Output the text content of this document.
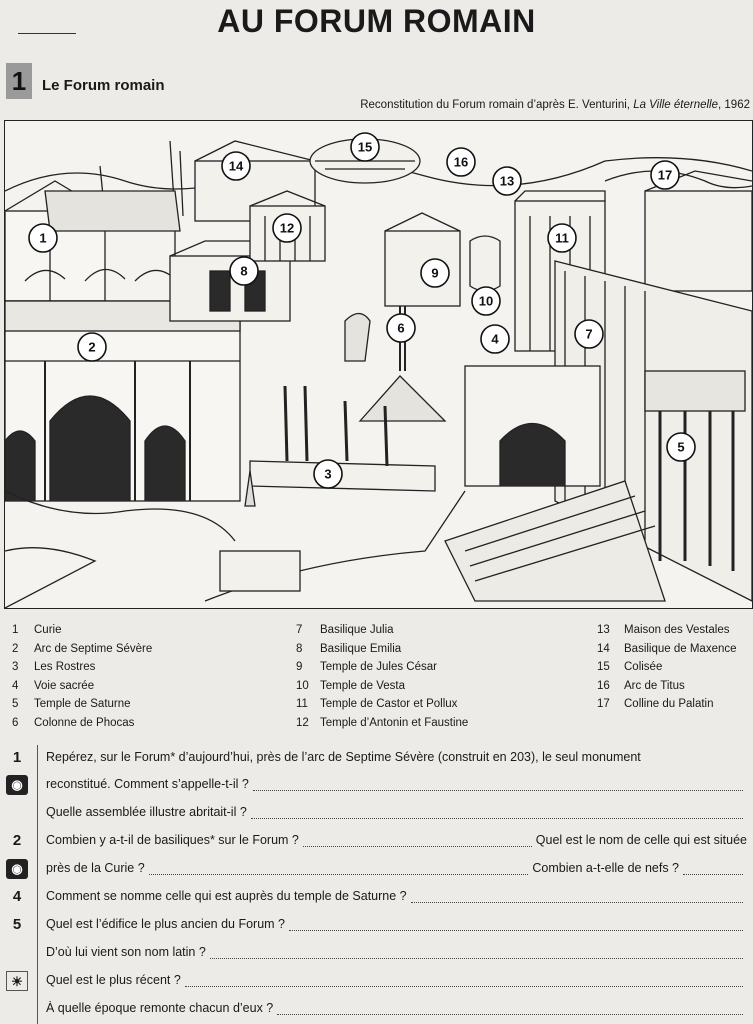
AU FORUM ROMAIN
1	Le Forum romain
Reconstitution du Forum romain d’après E. Venturini, La Ville éternelle, 1962
1
2
3
4
5
6	7
8	9
10
11
12
13
14
15
16
17
1 Curie
2 Arc de Septime Sévère
3 Les Rostres
4 Voie sacrée
5 Temple de Saturne
6 Colonne de Phocas
7 Basilique Julia
8 Basilique Emilia
9 Temple de Jules César
10 Temple de Vesta
11 Temple de Castor et Pollux
12 Temple d’Antonin et Faustine
13 Maison des Vestales
14 Basilique de Maxence
15 Colisée
16 Arc de Titus
17 Colline du Palatin
1	Repérez, sur le Forum* d’aujourd’hui, près de l’arc de Septime Sévère (construit en 203), le seul monument
◉	reconstitué. Comment s’appelle-t-il ?
Quelle assemblée illustre abritait-il ?
2	Combien y a-t-il de basiliques* sur le Forum ?	Quel est le nom de celle qui est située
◉	près de la Curie ?	Combien a-t-elle de nefs ?
4	Comment se nomme celle qui est auprès du temple de Saturne ?
5	Quel est l’édifice le plus ancien du Forum ?
D’où lui vient son nom latin ?
☀	Quel est le plus récent ?
À quelle époque remonte chacun d’eux ?
